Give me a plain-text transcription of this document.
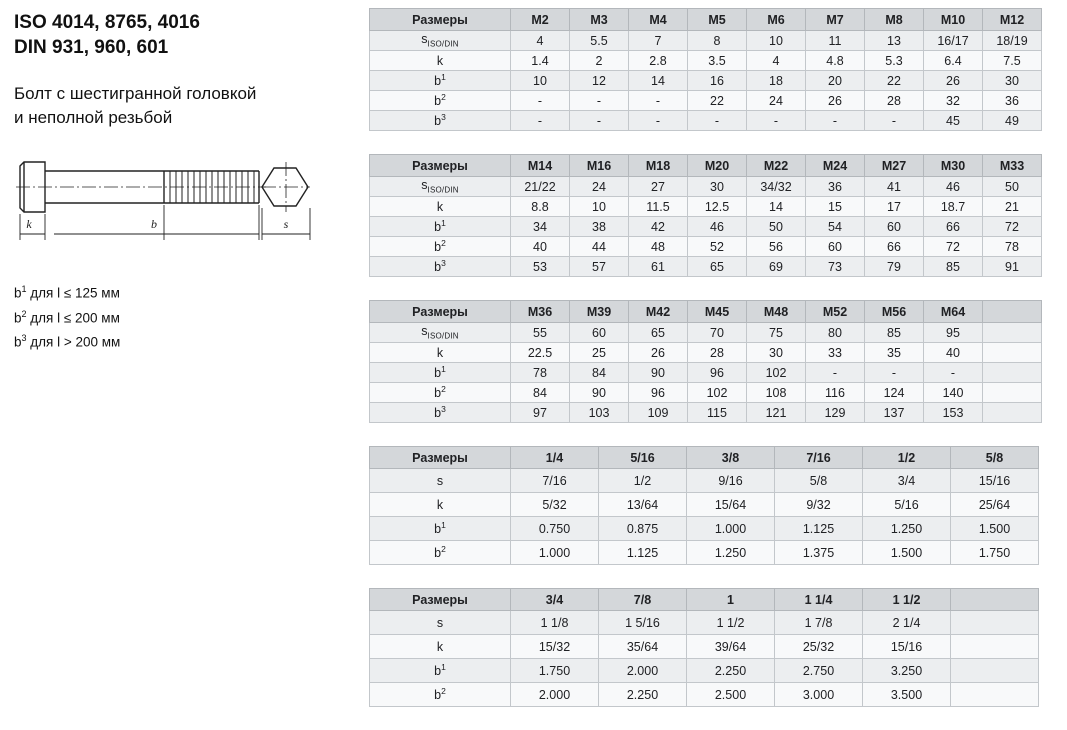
ISO 4014, 8765, 4016
DIN 931, 960, 601
Болт с шестигранной головкой
и неполной резьбой
k	b	s
$b^1$ для l ≤ 125 мм
$b^2$ для l ≤ 200 мм
$b^3$ для l > 200 мм
Размеры	M2	M3	M4	M5	M6	M7	M8	M10	M12
$s_{ISO/DIN}$	4	5.5	7	8	10	11	13	16/17	18/19
k	1.4	2	2.8	3.5	4	4.8	5.3	6.4	7.5
$b^1$	10	12	14	16	18	20	22	26	30
$b^2$	-	-	-	22	24	26	28	32	36
$b^3$	-	-	-	-	-	-	-	45	49
Размеры	M14	M16	M18	M20	M22	M24	M27	M30	M33
$s_{ISO/DIN}$	21/22	24	27	30	34/32	36	41	46	50
k	8.8	10	11.5	12.5	14	15	17	18.7	21
$b^1$	34	38	42	46	50	54	60	66	72
$b^2$	40	44	48	52	56	60	66	72	78
$b^3$	53	57	61	65	69	73	79	85	91
Размеры	M36	M39	M42	M45	M48	M52	M56	M64	
$s_{ISO/DIN}$	55	60	65	70	75	80	85	95	
k	22.5	25	26	28	30	33	35	40	
$b^1$	78	84	90	96	102	-	-	-	
$b^2$	84	90	96	102	108	116	124	140	
$b^3$	97	103	109	115	121	129	137	153	
Размеры	1/4	5/16	3/8	7/16	1/2	5/8
s	7/16	1/2	9/16	5/8	3/4	15/16
k	5/32	13/64	15/64	9/32	5/16	25/64
$b^1$	0.750	0.875	1.000	1.125	1.250	1.500
$b^2$	1.000	1.125	1.250	1.375	1.500	1.750
Размеры	3/4	7/8	1	1 1/4	1 1/2	
s	1 1/8	1 5/16	1 1/2	1 7/8	2 1/4	
k	15/32	35/64	39/64	25/32	15/16	
$b^1$	1.750	2.000	2.250	2.750	3.250	
$b^2$	2.000	2.250	2.500	3.000	3.500	
